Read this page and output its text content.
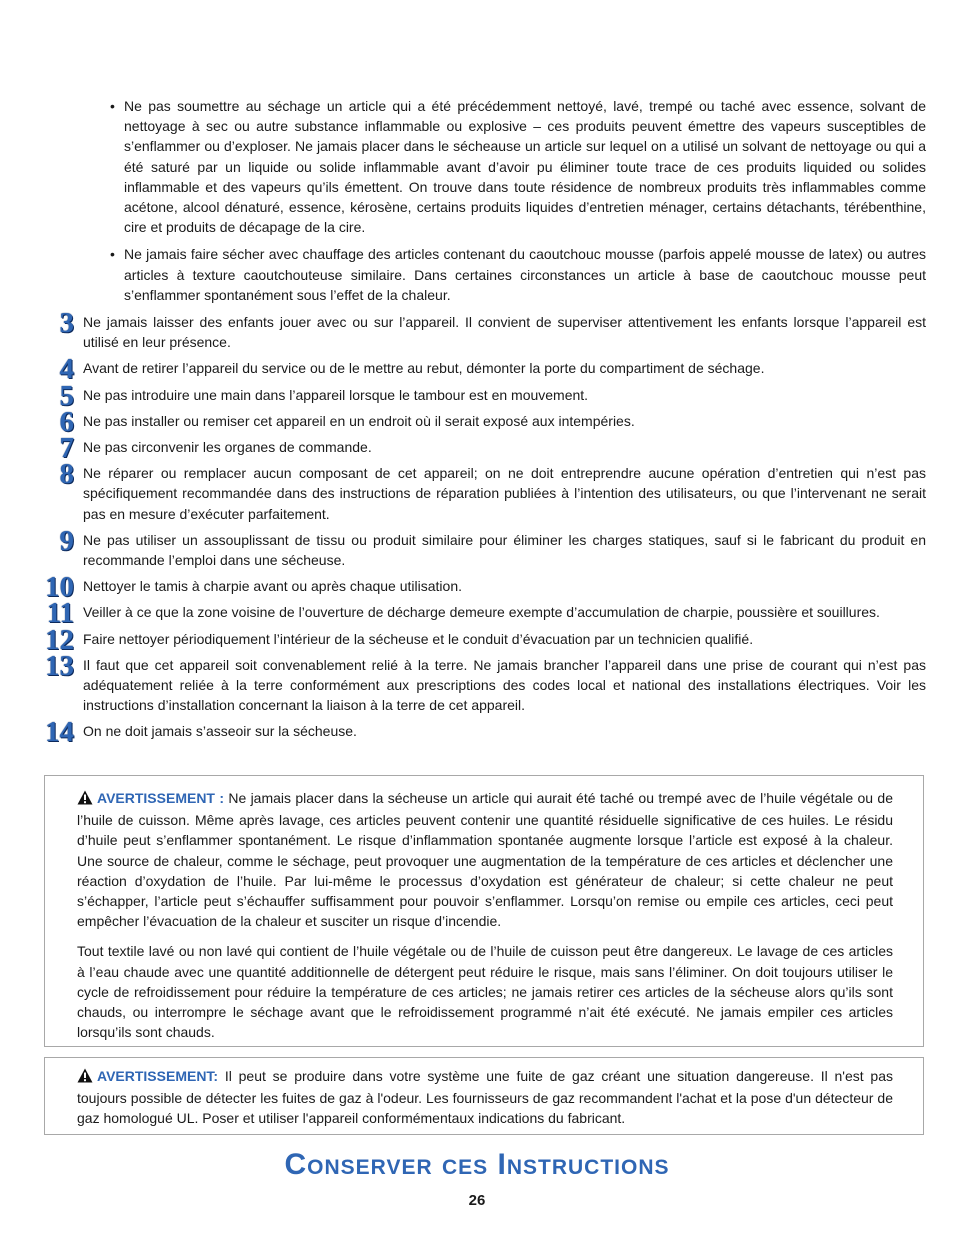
• Ne pas soumettre au séchage un article qui a été précédemment nettoyé, lavé, trempé ou taché avec essence, solvant de nettoyage à sec ou autre substance inflammable ou explosive – ces produits peuvent émettre des vapeurs susceptibles de s’enflammer ou d’exploser. Ne jamais placer dans le sécheause un article sur lequel on a utilisé un solvant de nettoyage ou qui a été saturé par un liquide ou solide inflammable avant d’avoir pu éliminer toute trace de ces produits liquided ou solides inflammable et des vapeurs qu’ils émettent. On trouve dans toute résidence de nombreux produits très inflammables comme acétone, alcool dénaturé, essence, kérosène, certains produits liquides d’entretien ménager, certains détachants, térébenthine, cire et produits de décapage de la cire.
• Ne jamais faire sécher avec chauffage des articles contenant du caoutchouc mousse (parfois appelé mousse de latex) ou autres articles à texture caoutchouteuse similaire. Dans certaines circonstances un article à base de caoutchouc mousse peut s’enflammer spontanément sous l’effet de la chaleur.
3 Ne jamais laisser des enfants jouer avec ou sur l’appareil. Il convient de superviser attentivement les enfants lorsque l’appareil est utilisé en leur présence.
4 Avant de retirer l’appareil du service ou de le mettre au rebut, démonter la porte du compartiment de séchage.
5 Ne pas introduire une main dans l’appareil lorsque le tambour est en mouvement.
6 Ne pas installer ou remiser cet appareil en un endroit où il serait exposé aux intempéries.
7 Ne pas circonvenir les organes de commande.
8 Ne réparer ou remplacer aucun composant de cet appareil; on ne doit entreprendre aucune opération d’entretien qui n’est pas spécifiquement recommandée dans des instructions de réparation publiées à l’intention des utilisateurs, ou que l’intervenant ne serait pas en mesure d’exécuter parfaitement.
9 Ne pas utiliser un assouplissant de tissu ou produit similaire pour éliminer les charges statiques, sauf si le fabricant du produit en recommande l’emploi dans une sécheuse.
10 Nettoyer le tamis à charpie avant ou après chaque utilisation.
11 Veiller à ce que la zone voisine de l’ouverture de décharge demeure exempte d’accumulation de charpie, poussière et souillures.
12 Faire nettoyer périodiquement l’intérieur de la sécheuse et le conduit d’évacuation par un technicien qualifié.
13 Il faut que cet appareil soit convenablement relié à la terre. Ne jamais brancher l’appareil dans une prise de courant qui n’est pas adéquatement reliée à la terre conformément aux prescriptions des codes local et national des installations électriques. Voir les instructions d’installation concernant la liaison à la terre de cet appareil.
14 On ne doit jamais s’asseoir sur la sécheuse.

AVERTISSEMENT : Ne jamais placer dans la sécheuse un article qui aurait été taché ou trempé avec de l’huile végétale ou de l’huile de cuisson. Même après lavage, ces articles peuvent contenir une quantité résiduelle significative de ces huiles. Le résidu d’huile peut s’enflammer spontanément. Le risque d’inflammation spontanée augmente lorsque l’article est exposé à la chaleur. Une source de chaleur, comme le séchage, peut provoquer une augmentation de la température de ces articles et déclencher une réaction d’oxydation de l’huile. Par lui-même le processus d’oxydation est générateur de chaleur; si cette chaleur ne peut s’échapper, l’article peut s’échauffer suffisamment pour pouvoir s’enflammer. Lorsqu’on remise ou empile ces articles, ceci peut empêcher l’évacuation de la chaleur et susciter un risque d’incendie.

Tout textile lavé ou non lavé qui contient de l’huile végétale ou de l’huile de cuisson peut être dangereux. Le lavage de ces articles à l’eau chaude avec une quantité additionnelle de détergent peut réduire le risque, mais sans l’éliminer. On doit toujours utiliser le cycle de refroidissement pour réduire la température de ces articles; ne jamais retirer ces articles de la sécheuse alors qu’ils sont chauds, ou interrompre le séchage avant que le refroidissement programmé n’ait été exécuté. Ne jamais empiler ces articles lorsqu’ils sont chauds.

AVERTISSEMENT: Il peut se produire dans votre système une fuite de gaz créant une situation dangereuse. Il n'est pas toujours possible de détecter les fuites de gaz à l'odeur. Les fournisseurs de gaz recommandent l'achat et la pose d'un détecteur de gaz homologué UL. Poser et utiliser l'appareil conformémentaux indications du fabricant.

Conserver ces Instructions
26
